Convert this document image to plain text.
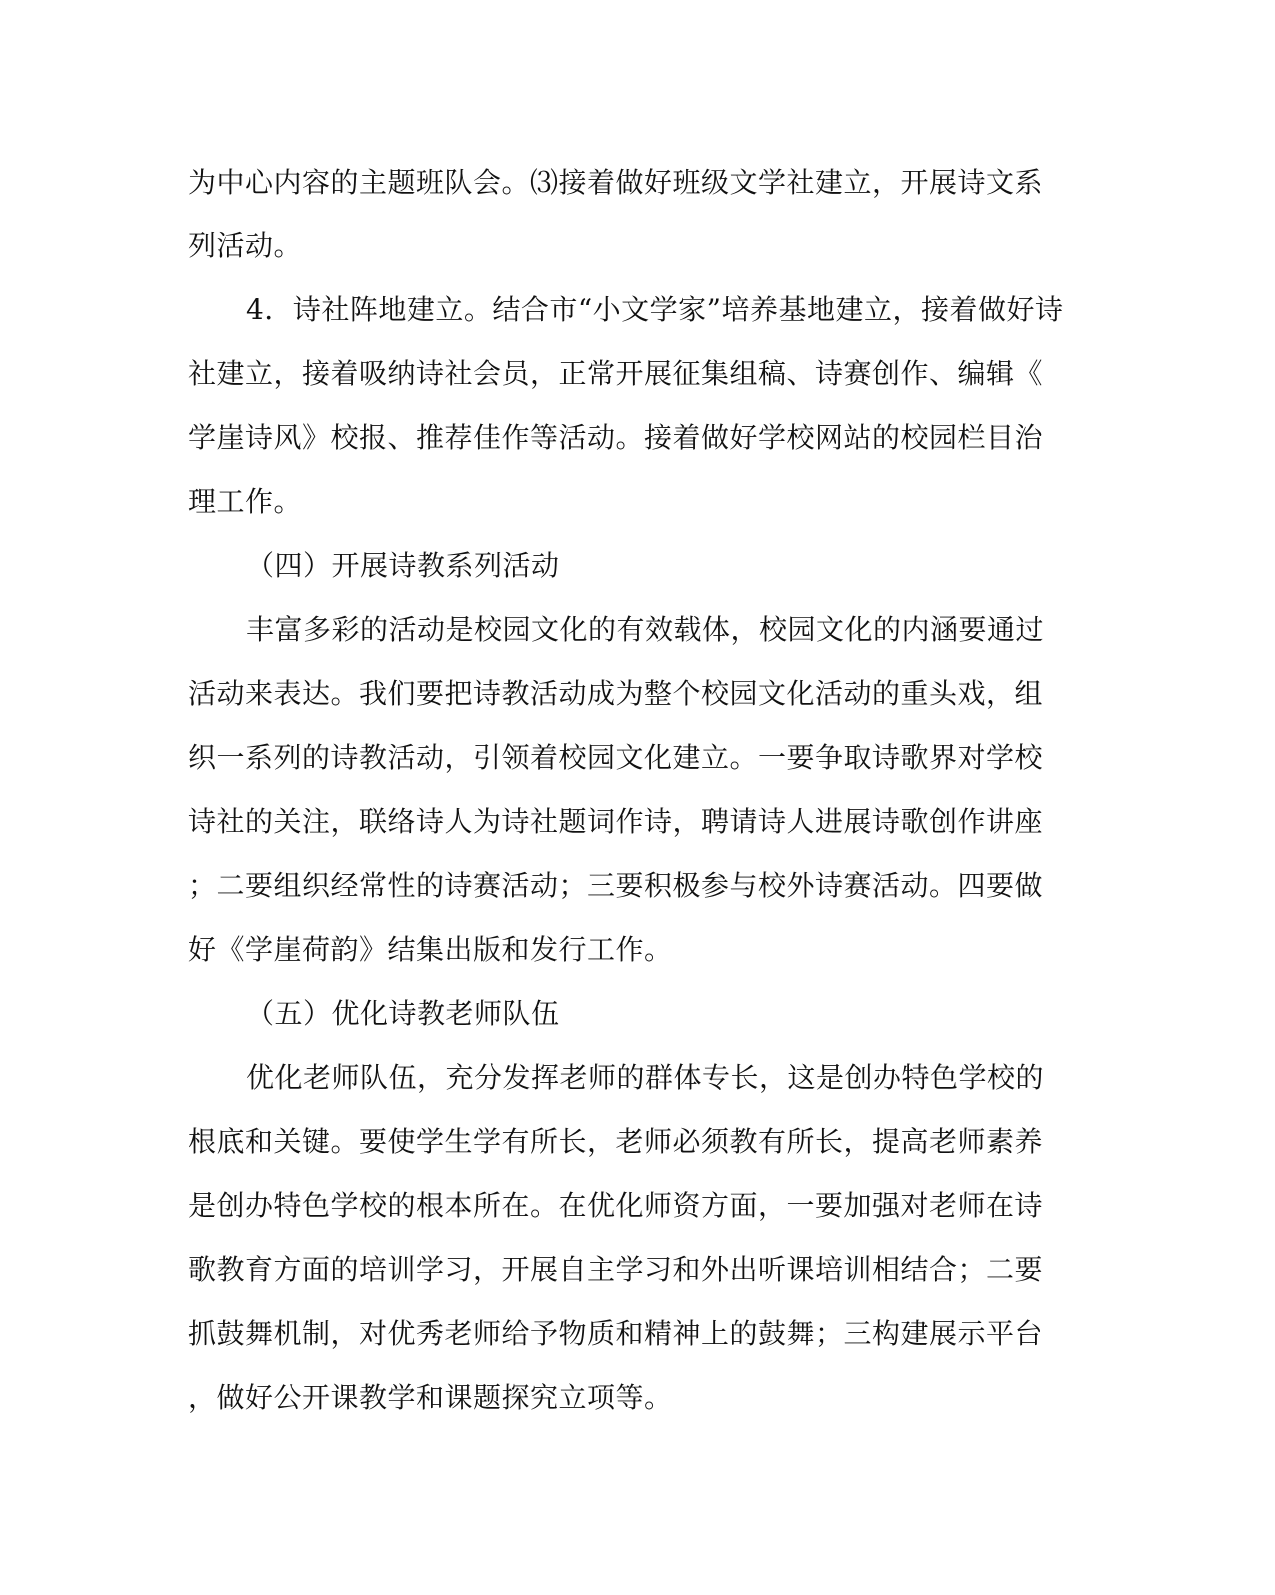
为中心内容的主题班队会。⑶接着做好班级文学社建立，开展诗文系
列活动。
4．诗社阵地建立。结合市“小文学家”培养基地建立，接着做好诗
社建立，接着吸纳诗社会员，正常开展征集组稿、诗赛创作、编辑《
学崖诗风》校报、推荐佳作等活动。接着做好学校网站的校园栏目治
理工作。
（四）开展诗教系列活动
丰富多彩的活动是校园文化的有效载体，校园文化的内涵要通过
活动来表达。我们要把诗教活动成为整个校园文化活动的重头戏，组
织一系列的诗教活动，引领着校园文化建立。一要争取诗歌界对学校
诗社的关注，联络诗人为诗社题词作诗，聘请诗人进展诗歌创作讲座
；二要组织经常性的诗赛活动；三要积极参与校外诗赛活动。四要做
好《学崖荷韵》结集出版和发行工作。
（五）优化诗教老师队伍
优化老师队伍，充分发挥老师的群体专长，这是创办特色学校的
根底和关键。要使学生学有所长，老师必须教有所长，提高老师素养
是创办特色学校的根本所在。在优化师资方面，一要加强对老师在诗
歌教育方面的培训学习，开展自主学习和外出听课培训相结合；二要
抓鼓舞机制，对优秀老师给予物质和精神上的鼓舞；三构建展示平台
，做好公开课教学和课题探究立项等。
